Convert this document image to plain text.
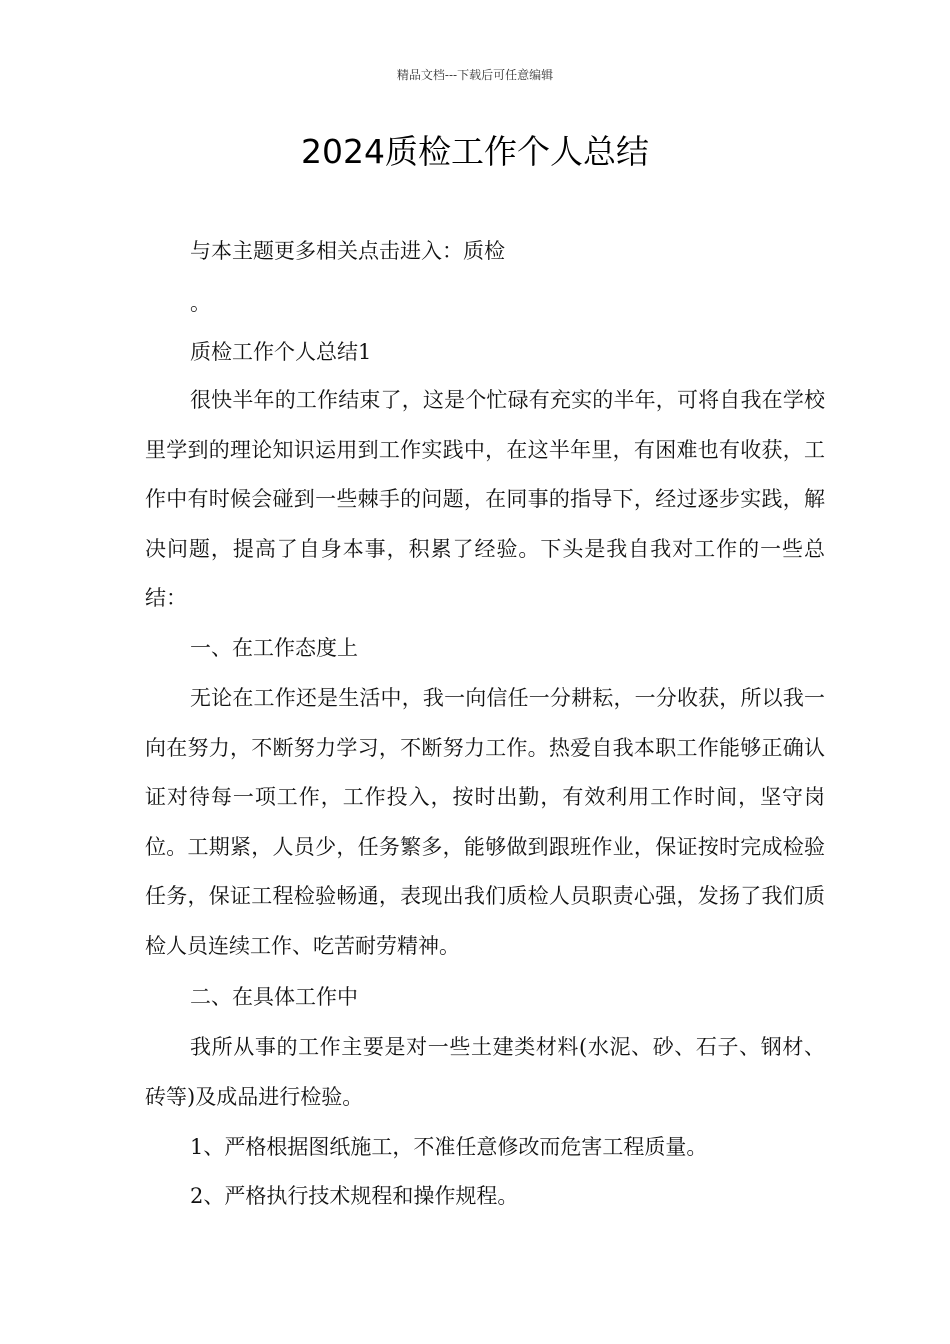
精品文档---下载后可任意编辑
2024质检工作个人总结
与本主题更多相关点击进入：质检
。
质检工作个人总结1

很快半年的工作结束了，这是个忙碌有充实的半年，可将自我在学校里学到的理论知识运用到工作实践中，在这半年里，有困难也有收获，工作中有时候会碰到一些棘手的问题，在同事的指导下，经过逐步实践，解决问题，提高了自身本事，积累了经验。下头是我自我对工作的一些总结：

一、在工作态度上

无论在工作还是生活中，我一向信任一分耕耘，一分收获，所以我一向在努力，不断努力学习，不断努力工作。热爱自我本职工作能够正确认证对待每一项工作，工作投入，按时出勤，有效利用工作时间，坚守岗位。工期紧，人员少，任务繁多，能够做到跟班作业，保证按时完成检验任务，保证工程检验畅通，表现出我们质检人员职责心强，发扬了我们质检人员连续工作、吃苦耐劳精神。

二、在具体工作中

我所从事的工作主要是对一些土建类材料(水泥、砂、石子、钢材、砖等)及成品进行检验。

1、严格根据图纸施工，不准任意修改而危害工程质量。
2、严格执行技术规程和操作规程。
